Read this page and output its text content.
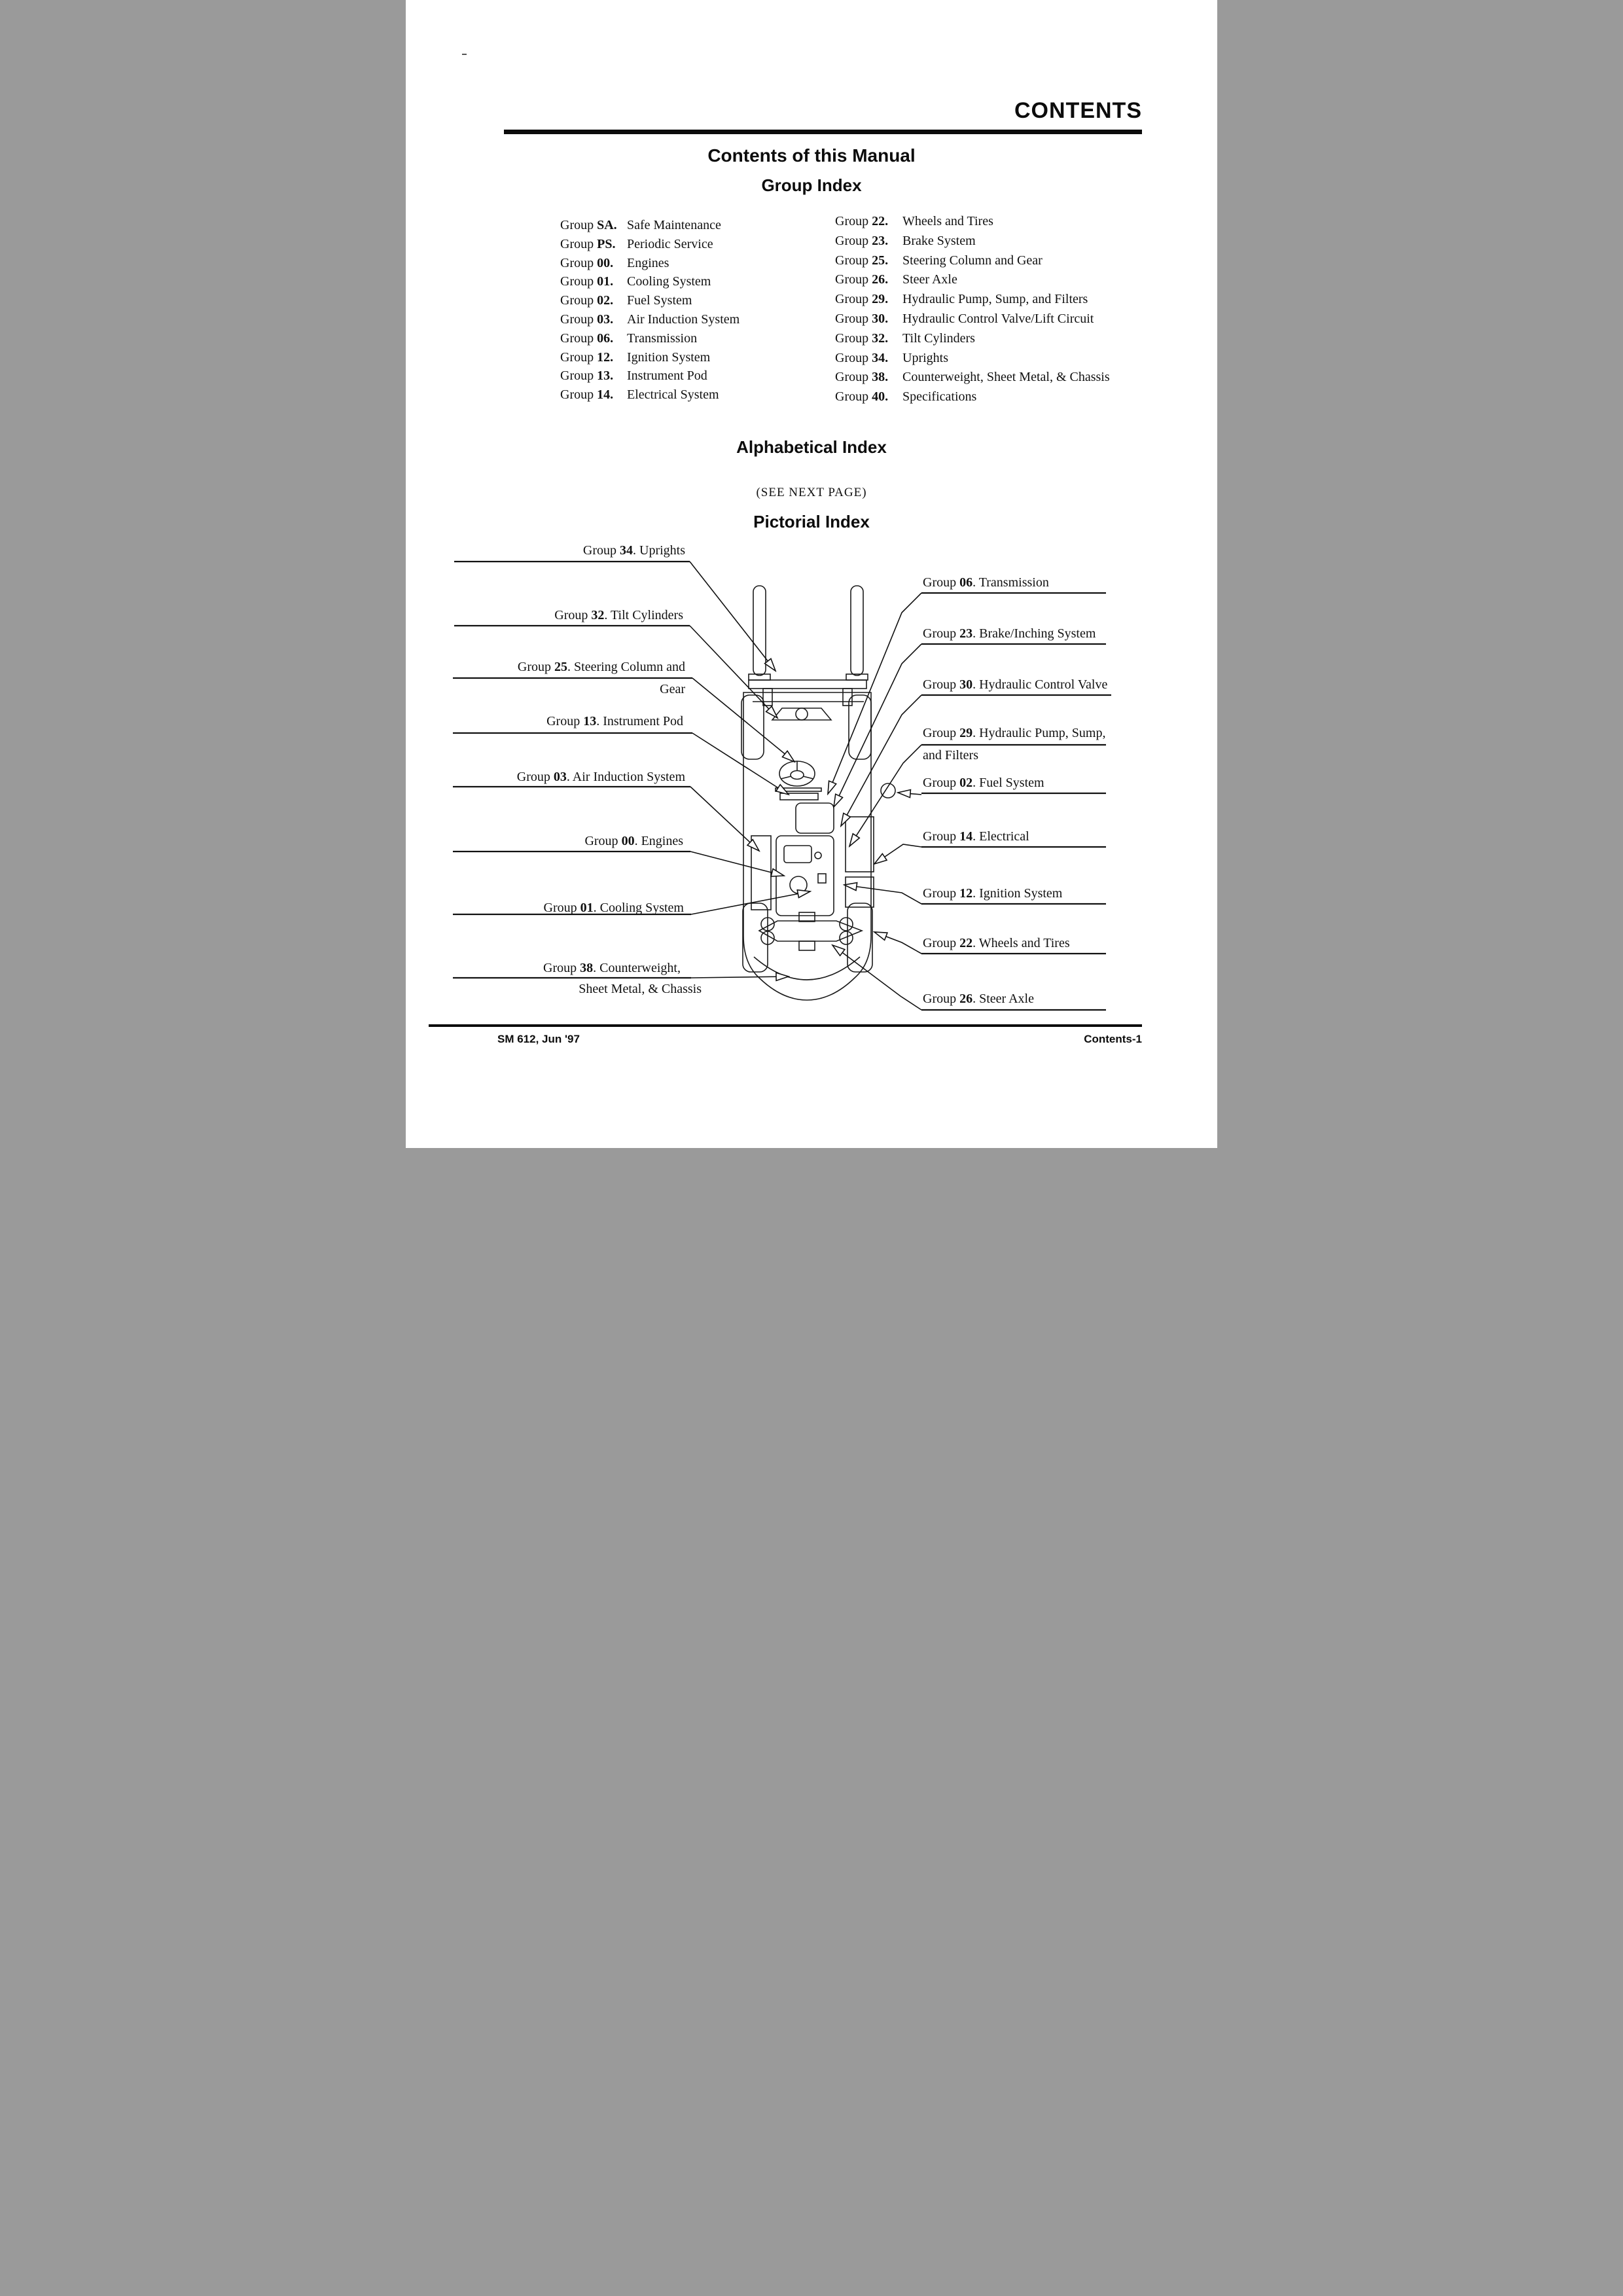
CONTENTS
Contents of this Manual
Group Index
Group SA. Safe Maintenance
Group PS. Periodic Service
Group 00. Engines
Group 01. Cooling System
Group 02. Fuel System
Group 03. Air Induction System
Group 06. Transmission
Group 12. Ignition System
Group 13. Instrument Pod
Group 14. Electrical System
Group 22. Wheels and Tires
Group 23. Brake System
Group 25. Steering Column and Gear
Group 26. Steer Axle
Group 29. Hydraulic Pump, Sump, and Filters
Group 30. Hydraulic Control Valve/Lift Circuit
Group 32. Tilt Cylinders
Group 34. Uprights
Group 38. Counterweight, Sheet Metal, & Chassis
Group 40. Specifications
Alphabetical Index
(SEE NEXT PAGE)
Pictorial Index
Group 34. Uprights
Group 32. Tilt Cylinders
Group 25. Steering Column and
Gear
Group 13. Instrument Pod
Group 03. Air Induction System
Group 00. Engines
Group 01. Cooling System
Group 38. Counterweight,
Sheet Metal, & Chassis
Group 06. Transmission
Group 23. Brake/Inching System
Group 30. Hydraulic Control Valve
Group 29. Hydraulic Pump, Sump,
and Filters
Group 02. Fuel System
Group 14. Electrical
Group 12. Ignition System
Group 22. Wheels and Tires
Group 26. Steer Axle
SM 612, Jun '97	Contents-1
